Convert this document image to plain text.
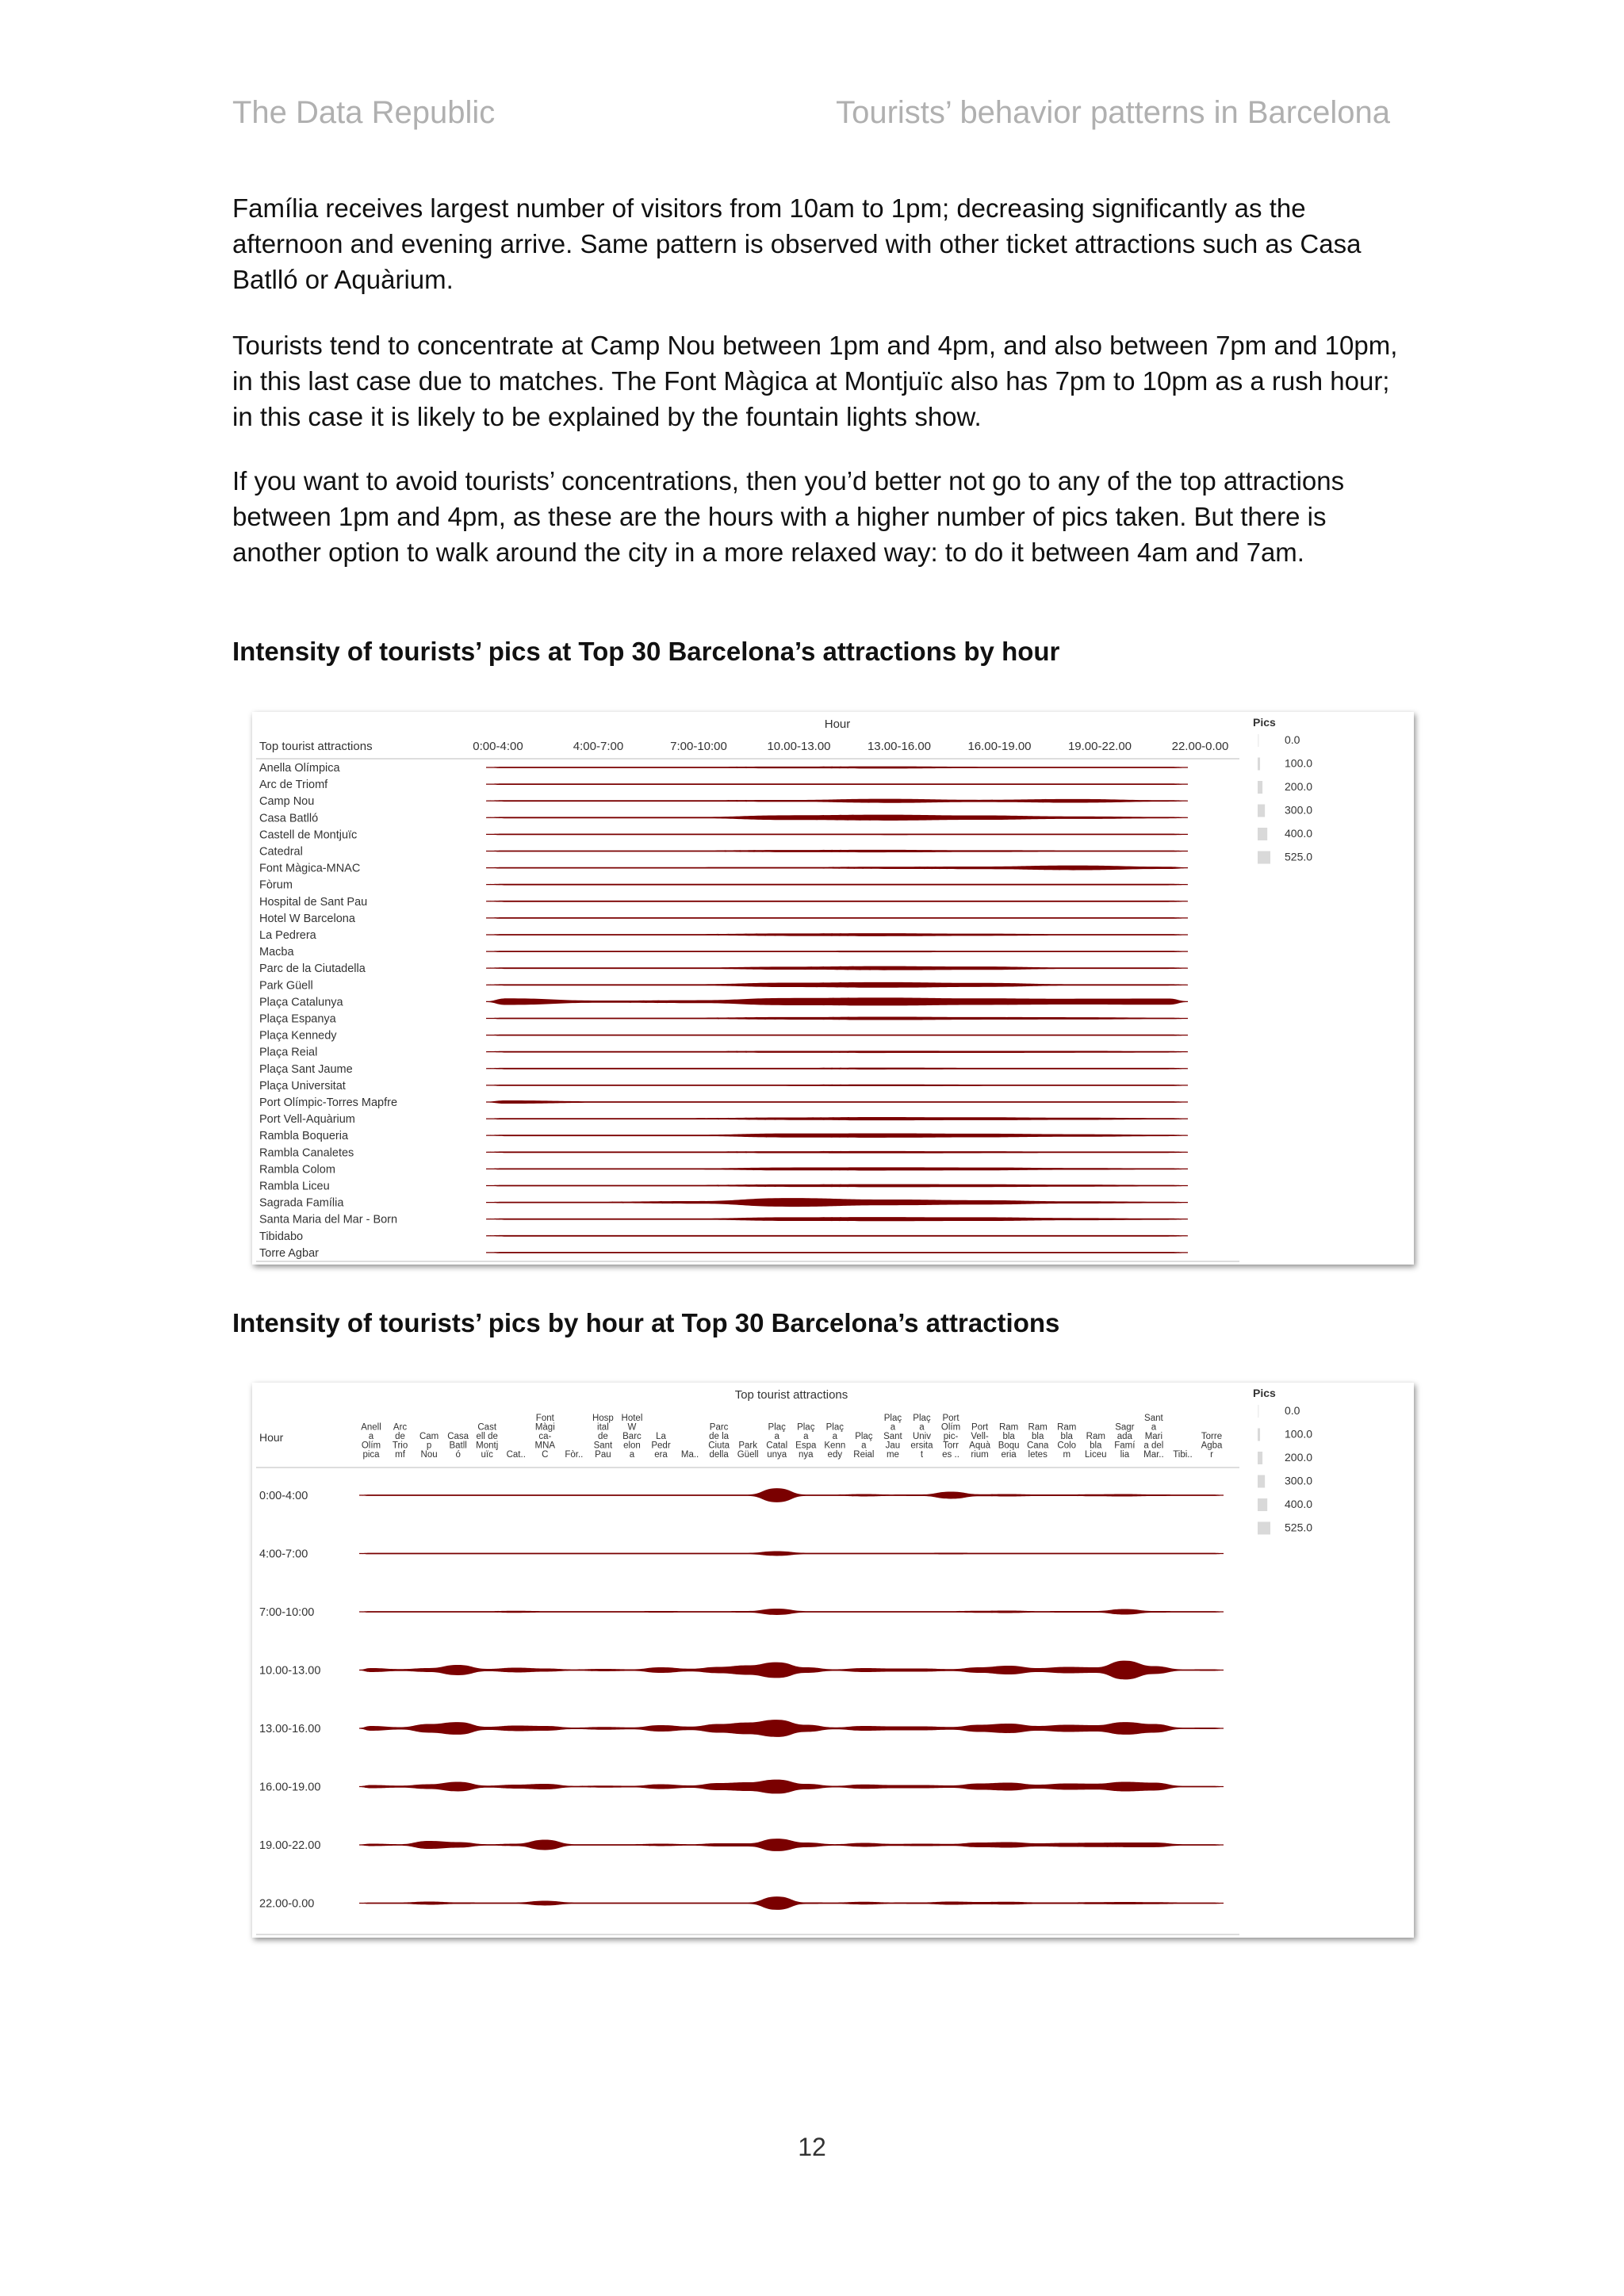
The Data Republic	Tourists’ behavior patterns in Barcelona

Família receives largest number of visitors from 10am to 1pm; decreasing significantly as the afternoon and evening arrive. Same pattern is observed with other ticket attractions such as Casa Batlló or Aquàrium.

Tourists tend to concentrate at Camp Nou between 1pm and 4pm, and also between 7pm and 10pm, in this last case due to matches. The Font Màgica at Montjuïc also has 7pm to 10pm as a rush hour; in this case it is likely to be explained by the fountain lights show.

If you want to avoid tourists’ concentrations, then you’d better not go to any of the top attractions between 1pm and 4pm, as these are the hours with a higher number of pics taken. But there is another option to walk around the city in a more relaxed way: to do it between 4am and 7am.

Intensity of tourists’ pics at Top 30 Barcelona’s attractions by hour

Hour
Top tourist attractions	0:00-4:00	4:00-7:00	7:00-10:00	10.00-13.00	13.00-16.00	16.00-19.00	19.00-22.00	22.00-0.00
Anella Olímpica
Arc de Triomf
Camp Nou
Casa Batlló
Castell de Montjuïc
Catedral
Font Màgica-MNAC
Fòrum
Hospital de Sant Pau
Hotel W Barcelona
La Pedrera
Macba
Parc de la Ciutadella
Park Güell
Plaça Catalunya
Plaça Espanya
Plaça Kennedy
Plaça Reial
Plaça Sant Jaume
Plaça Universitat
Port Olímpic-Torres Mapfre
Port Vell-Aquàrium
Rambla Boqueria
Rambla Canaletes
Rambla Colom
Rambla Liceu
Sagrada Família
Santa Maria del Mar - Born
Tibidabo
Torre Agbar
Pics
0.0
100.0
200.0
300.0
400.0
525.0

Intensity of tourists’ pics by hour at Top 30 Barcelona’s attractions

Top tourist attractions
Hour
Anell
a
Olím
pica
Arc
de
Trio
mf
Cam
p
Nou
Casa
Batll
ó
Cast
ell de
Montj
uïc Cat..
Font
Màgi
ca-
MNA
C Fòr..
Hosp
ital
de
Sant
Pau
Hotel
W
Barc
elon
a
La
Pedr
era Ma..
Parc
de la
Ciuta
della
Park
Güell
Plaç
a
Catal
unya
Plaç
a
Espa
nya
Plaç
a
Kenn
edy
Plaç
a
Reial
Plaç
a
Sant
Jau
me
Plaç
a
Univ
ersita
t
Port
Olím
pic-
Torr
es ..
Port
Vell-
Aquà
rium
Ram
bla
Boqu
eria
Ram
bla
Cana
letes
Ram
bla
Colo
m
Ram
bla
Liceu
Sagr
ada
Famí
lia
Sant
a
Mari
a del
Mar.. Tibi..
Torre
Agba
r
0:00-4:00
4:00-7:00
7:00-10:00
10.00-13.00
13.00-16.00
16.00-19.00
19.00-22.00
22.00-0.00
Pics
0.0
100.0
200.0
300.0
400.0
525.0
12
